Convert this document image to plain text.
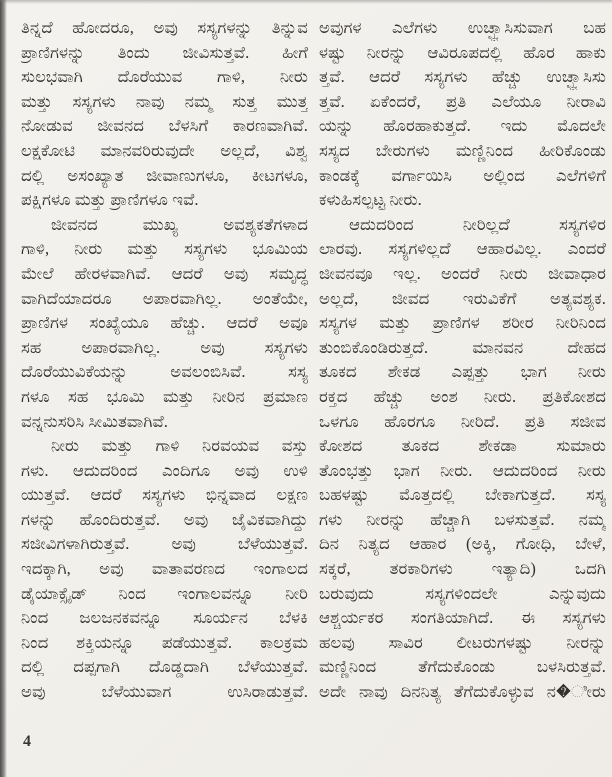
ತಿನ್ನದೆ ಹೋದರೂ, ಅವು ಸಸ್ಯಗಳನ್ನು ತಿನ್ನುವ
ಪ್ರಾಣಿಗಳನ್ನು ತಿಂದು ಜೀವಿಸುತ್ತವೆ. ಹೀಗೆ
ಸುಲಭವಾಗಿ ದೊರೆಯುವ ಗಾಳಿ, ನೀರು
ಮತ್ತು ಸಸ್ಯಗಳು ನಾವು ನಮ್ಮ ಸುತ್ತ ಮುತ್ತ
ನೋಡುವ ಜೀವನದ ಬೆಳಸಿಗೆ ಕಾರಣವಾಗಿವೆ.
ಲಕ್ಷಕೋಟಿ ಮಾನವರಿರುವುದೇ ಅಲ್ಲದೆ, ವಿಶ್ವ
ದಲ್ಲಿ ಅಸಂಖ್ಯಾತ ಜೀವಾಣುಗಳೂ, ಕೀಟಗಳೂ,
ಪಕ್ಷಿಗಳೂ ಮತ್ತು ಪ್ರಾಣಿಗಳೂ ಇವೆ.
ಜೀವನದ ಮುಖ್ಯ ಅವಶ್ಯಕತೆಗಳಾದ
ಗಾಳಿ, ನೀರು ಮತ್ತು ಸಸ್ಯಗಳು ಭೂಮಿಯ
ಮೇಲೆ ಹೇರಳವಾಗಿವೆ. ಆದರೆ ಅವು ಸಮೃದ್ಧ
ವಾಗಿದೆಯಾದರೂ ಅಪಾರವಾಗಿಲ್ಲ. ಅಂತೆಯೇ,
ಪ್ರಾಣಿಗಳ ಸಂಖ್ಯೆಯೂ ಹೆಚ್ಚು. ಆದರೆ ಅವೂ
ಸಹ ಅಪಾರವಾಗಿಲ್ಲ. ಅವು ಸಸ್ಯಗಳು
ದೊರೆಯುವಿಕೆಯನ್ನು ಅವಲಂಬಿಸಿವೆ. ಸಸ್ಯ
ಗಳೂ ಸಹ ಭೂಮಿ ಮತ್ತು ನೀರಿನ ಪ್ರಮಾಣ
ವನ್ನನುಸರಿಸಿ ಸೀಮಿತವಾಗಿವೆ.
ನೀರು ಮತ್ತು ಗಾಳಿ ನಿರವಯವ ವಸ್ತು
ಗಳು. ಆದುದರಿಂದ ಎಂದಿಗೂ ಅವು ಉಳಿ
ಯುತ್ತವೆ. ಆದರೆ ಸಸ್ಯಗಳು ಭಿನ್ನವಾದ ಲಕ್ಷಣ
ಗಳನ್ನು ಹೊಂದಿರುತ್ತವೆ. ಅವು ಜೈವಿಕವಾಗಿದ್ದು
ಸಜೀವಿಗಳಾಗಿರುತ್ತವೆ. ಅವು ಬೆಳೆಯುತ್ತವೆ.
ಇದಕ್ಕಾಗಿ, ಅವು ವಾತಾವರಣದ ಇಂಗಾಲದ
ಡೈಯಾಕ್ಸೈಡ್ ನಿಂದ ಇಂಗಾಲವನ್ನೂ ನೀರಿ
ನಿಂದ ಜಲಜನಕವನ್ನೂ ಸೂರ್ಯನ ಬೆಳಕಿ
ನಿಂದ ಶಕ್ತಿಯನ್ನೂ ಪಡೆಯುತ್ತವೆ. ಕಾಲಕ್ರಮ
ದಲ್ಲಿ ದಪ್ಪಗಾಗಿ ದೊಡ್ಡದಾಗಿ ಬೆಳೆಯುತ್ತವೆ.
ಅವು ಬೆಳೆಯುವಾಗ ಉಸಿರಾಡುತ್ತವೆ.
ಅವುಗಳ ಎಲೆಗಳು ಉಚ್ಛ್ವಾಸಿಸುವಾಗ ಬಹ
ಳಷ್ಟು ನೀರನ್ನು ಆವಿರೂಪದಲ್ಲಿ ಹೊರ ಹಾಕು
ತ್ತವೆ. ಆದರೆ ಸಸ್ಯಗಳು ಹೆಚ್ಚು ಉಚ್ಛ್ವಾಸಿಸು
ತ್ತವೆ. ಏಕೆಂದರೆ, ಪ್ರತಿ ಎಲೆಯೂ ನೀರಾವಿ
ಯನ್ನು ಹೊರಹಾಕುತ್ತದೆ. ಇದು ಮೊದಲೇ
ಸಸ್ಯದ ಬೇರುಗಳು ಮಣ್ಣಿನಿಂದ ಹೀರಿಕೊಂಡು
ಕಾಂಡಕ್ಕೆ ವರ್ಗಾಯಿಸಿ ಅಲ್ಲಿಂದ ಎಲೆಗಳಿಗೆ
ಕಳುಹಿಸಲ್ಪಟ್ಟ ನೀರು.
ಆದುದರಿಂದ ನೀರಿಲ್ಲದೆ ಸಸ್ಯಗಳಿರ
ಲಾರವು. ಸಸ್ಯಗಳಿಲ್ಲದೆ ಆಹಾರವಿಲ್ಲ. ಎಂದರೆ
ಜೀವನವೂ ಇಲ್ಲ. ಅಂದರೆ ನೀರು ಜೀವಾಧಾರ
ಅಲ್ಲದೆ, ಜೀವದ ಇರುವಿಕೆಗೆ ಅತ್ಯವಶ್ಯಕ.
ಸಸ್ಯಗಳ ಮತ್ತು ಪ್ರಾಣಿಗಳ ಶರೀರ ನೀರಿನಿಂದ
ತುಂಬಿಕೊಂಡಿರುತ್ತದೆ. ಮಾನವನ ದೇಹದ
ತೂಕದ ಶೇಕಡ ಎಪ್ಪತ್ತು ಭಾಗ ನೀರು
ರಕ್ತದ ಹೆಚ್ಚು ಅಂಶ ನೀರು. ಪ್ರತಿಕೋಶದ
ಒಳಗೂ ಹೊರಗೂ ನೀರಿದೆ. ಪ್ರತಿ ಸಜೀವ
ಕೋಶದ ತೂಕದ ಶೇಕಡಾ ಸುಮಾರು
ತೊಂಭತ್ತು ಭಾಗ ನೀರು. ಆದುದರಿಂದ ನೀರು
ಬಹಳಷ್ಟು ಮೊತ್ತದಲ್ಲಿ ಬೇಕಾಗುತ್ತದೆ. ಸಸ್ಯ
ಗಳು ನೀರನ್ನು ಹೆಚ್ಚಾಗಿ ಬಳಸುತ್ತವೆ. ನಮ್ಮ
ದಿನ ನಿತ್ಯದ ಆಹಾರ (ಅಕ್ಕಿ, ಗೋಧಿ, ಬೇಳೆ,
ಸಕ್ಕರೆ, ತರಕಾರಿಗಳು ಇತ್ಯಾದಿ) ಒದಗಿ
ಬರುವುದು ಸಸ್ಯಗಳಿಂದಲೇ ಎನ್ನುವುದು
ಆಶ್ಚರ್ಯಕರ ಸಂಗತಿಯಾಗಿದೆ. ಈ ಸಸ್ಯಗಳು
ಹಲವು ಸಾವಿರ ಲೀಟರುಗಳಷ್ಟು ನೀರನ್ನು
ಮಣ್ಣಿನಿಂದ ತೆಗೆದುಕೊಂಡು ಬಳಸಿರುತ್ತವೆ.
ಅದೇ ನಾವು ದಿನನಿತ್ಯ ತೆಗೆದುಕೊಳ್ಳುವ ನ�ೀರು
4
